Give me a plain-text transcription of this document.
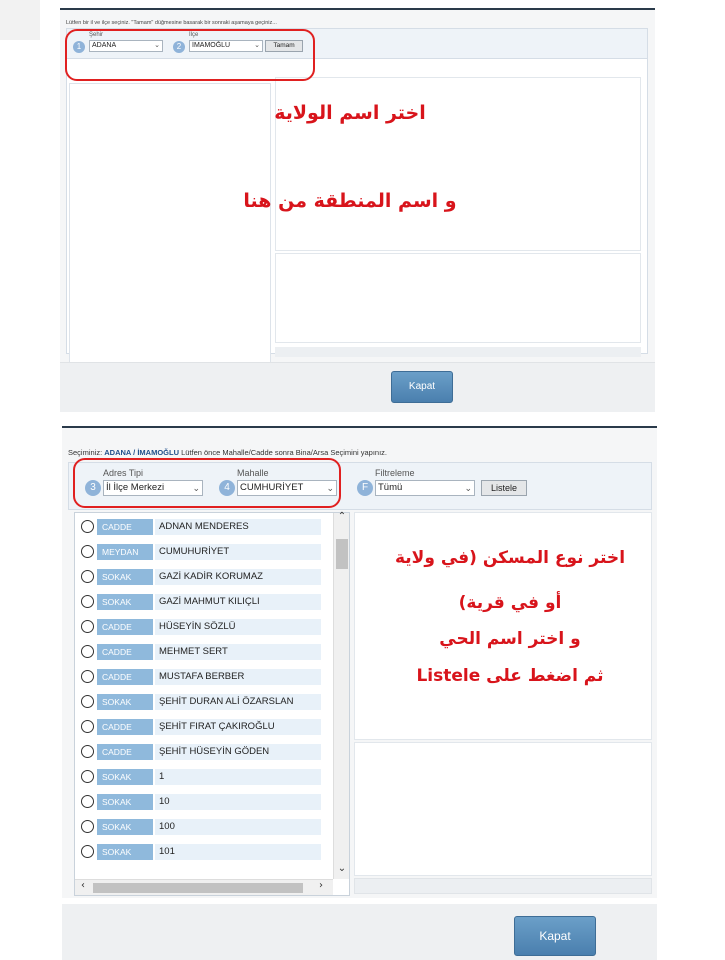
Lütfen bir il ve ilçe seçiniz. "Tamam" düğmesine basarak bir sonraki aşamaya geçiniz...
1
Şehir
ADANA	⌄	2
İlçe
İMAMOĞLU	⌄	Tamam
Kapat
اختر اسم الولاية
و اسم المنطقة من هنا
Seçiminiz: ADANA / İMAMOĞLU Lütfen önce Mahalle/Cadde sonra Bina/Arsa Seçimini yapınız.
3
Adres Tipi
İl İlçe Merkezi	⌄	4
Mahalle
CUMHURİYET	⌄	F
Filtreleme
Tümü	⌄	Listele
CADDE	ADNAN MENDERES
MEYDAN	CUMUHURİYET
SOKAK	GAZİ KADİR KORUMAZ
SOKAK	GAZİ MAHMUT KILIÇLI
CADDE	HÜSEYİN SÖZLÜ
CADDE	MEHMET SERT
CADDE	MUSTAFA BERBER
SOKAK	ŞEHİT DURAN ALİ ÖZARSLAN
CADDE	ŞEHİT FIRAT ÇAKIROĞLU
CADDE	ŞEHİT HÜSEYİN GÖDEN
SOKAK	1
SOKAK	10
SOKAK	100
SOKAK	101
⌃
⌄
‹	›
Kapat
اختر نوع المسكن (في ولاية
أو في قرية)
و اختر اسم الحي
ثم اضغط على Listele
